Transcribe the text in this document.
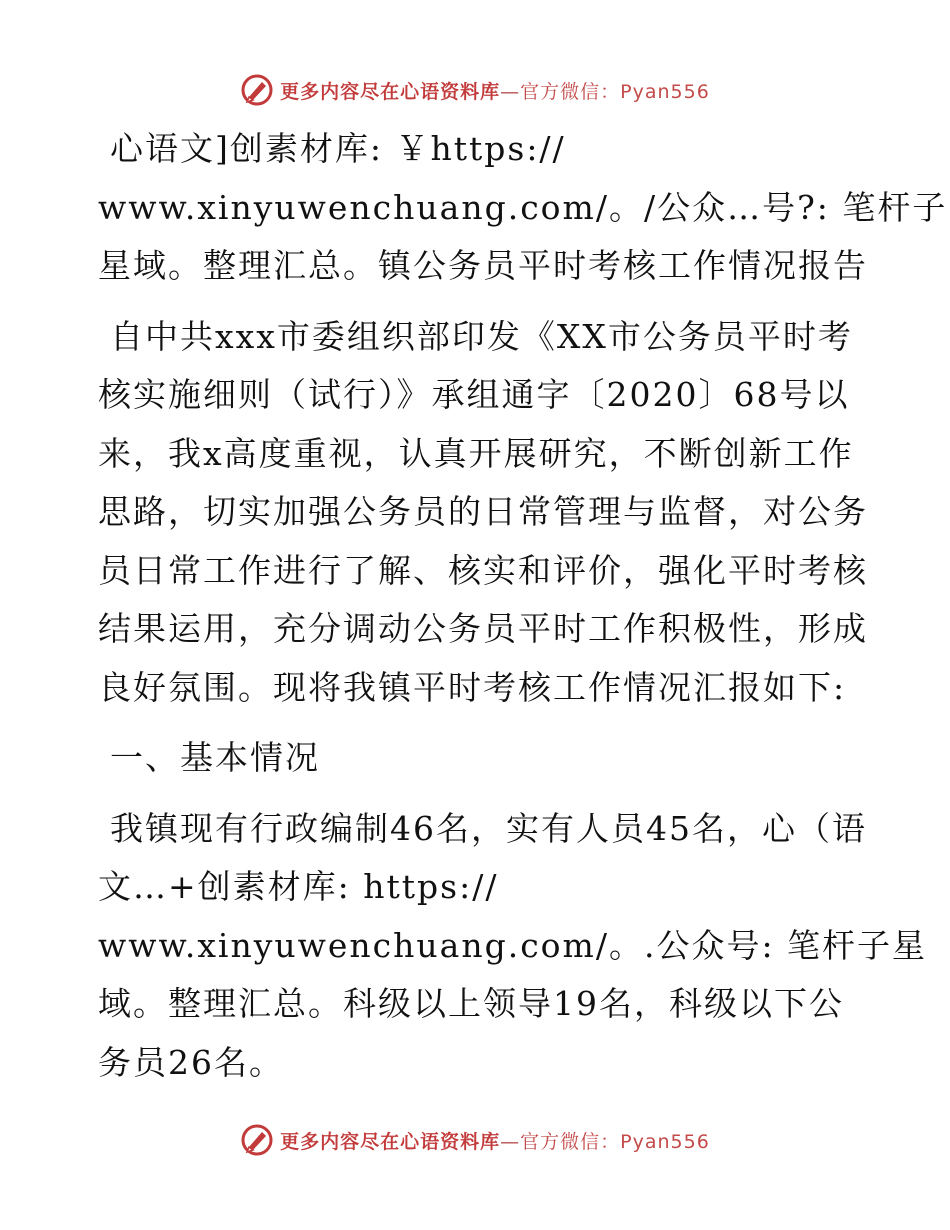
更多内容尽在心语资料库—官方微信：Pyan556

心语文]创素材库: ￥https://
www.xinyuwenchuang.com/。/公众…号?: 笔杆子
星域。整理汇总。镇公务员平时考核工作情况报告

自中共xxx市委组织部印发《XX市公务员平时考
核实施细则（试行）》承组通字〔2020〕68号以
来，我x高度重视，认真开展研究，不断创新工作
思路，切实加强公务员的日常管理与监督，对公务
员日常工作进行了解、核实和评价，强化平时考核
结果运用，充分调动公务员平时工作积极性，形成
良好氛围。现将我镇平时考核工作情况汇报如下:

一、基本情况

我镇现有行政编制46名，实有人员45名，心（语
文…+创素材库: https://
www.xinyuwenchuang.com/。.公众号: 笔杆子星
域。整理汇总。科级以上领导19名，科级以下公
务员26名。

更多内容尽在心语资料库—官方微信：Pyan556
